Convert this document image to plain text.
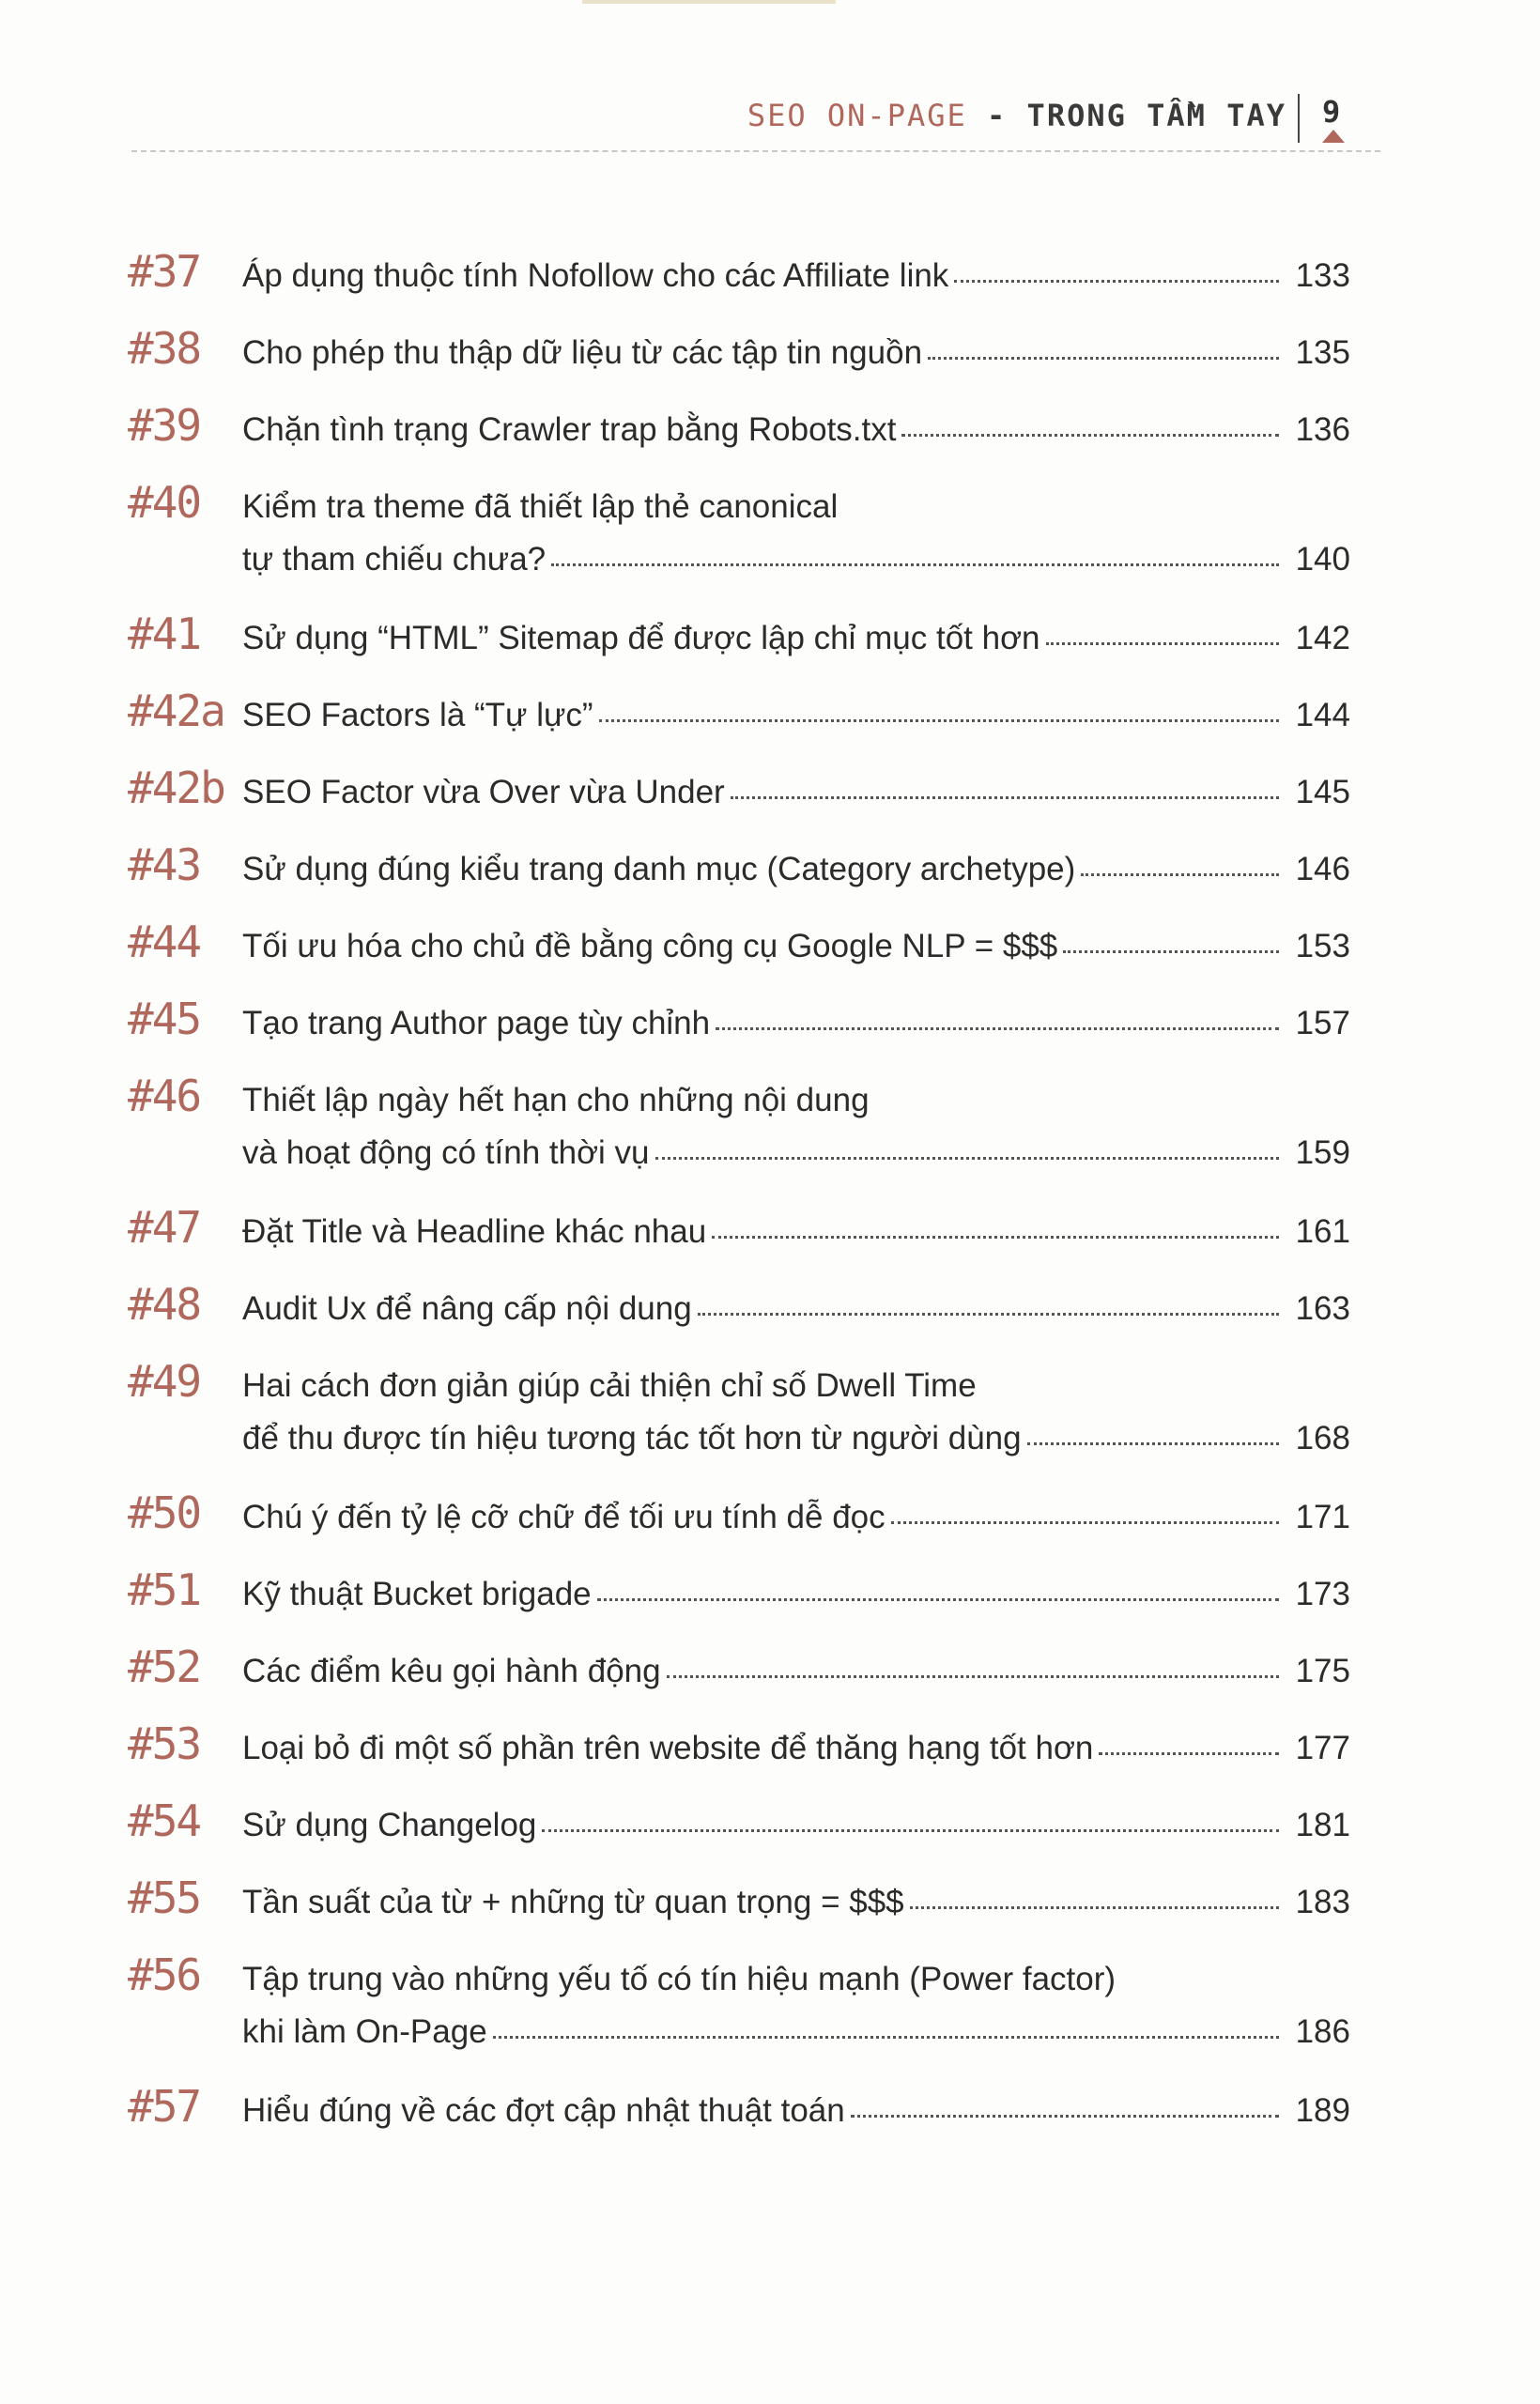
SEO ON-PAGE - TRONG TẦM TAY 9
#37 Áp dụng thuộc tính Nofollow cho các Affiliate link	133
#38 Cho phép thu thập dữ liệu từ các tập tin nguồn	135
#39 Chặn tình trạng Crawler trap bằng Robots.txt	136
#40 Kiểm tra theme đã thiết lập thẻ canonical
tự tham chiếu chưa?	140
#41 Sử dụng “HTML” Sitemap để được lập chỉ mục tốt hơn	142
#42a SEO Factors là “Tự lực”	144
#42b SEO Factor vừa Over vừa Under	145
#43 Sử dụng đúng kiểu trang danh mục (Category archetype)	146
#44 Tối ưu hóa cho chủ đề bằng công cụ Google NLP = $$$	153
#45 Tạo trang Author page tùy chỉnh	157
#46 Thiết lập ngày hết hạn cho những nội dung
và hoạt động có tính thời vụ	159
#47 Đặt Title và Headline khác nhau	161
#48 Audit Ux để nâng cấp nội dung	163
#49 Hai cách đơn giản giúp cải thiện chỉ số Dwell Time
để thu được tín hiệu tương tác tốt hơn từ người dùng	168
#50 Chú ý đến tỷ lệ cỡ chữ để tối ưu tính dễ đọc	171
#51 Kỹ thuật Bucket brigade	173
#52 Các điểm kêu gọi hành động	175
#53 Loại bỏ đi một số phần trên website để thăng hạng tốt hơn	177
#54 Sử dụng Changelog	181
#55 Tần suất của từ + những từ quan trọng = $$$	183
#56 Tập trung vào những yếu tố có tín hiệu mạnh (Power factor)
khi làm On-Page	186
#57 Hiểu đúng về các đợt cập nhật thuật toán	189
